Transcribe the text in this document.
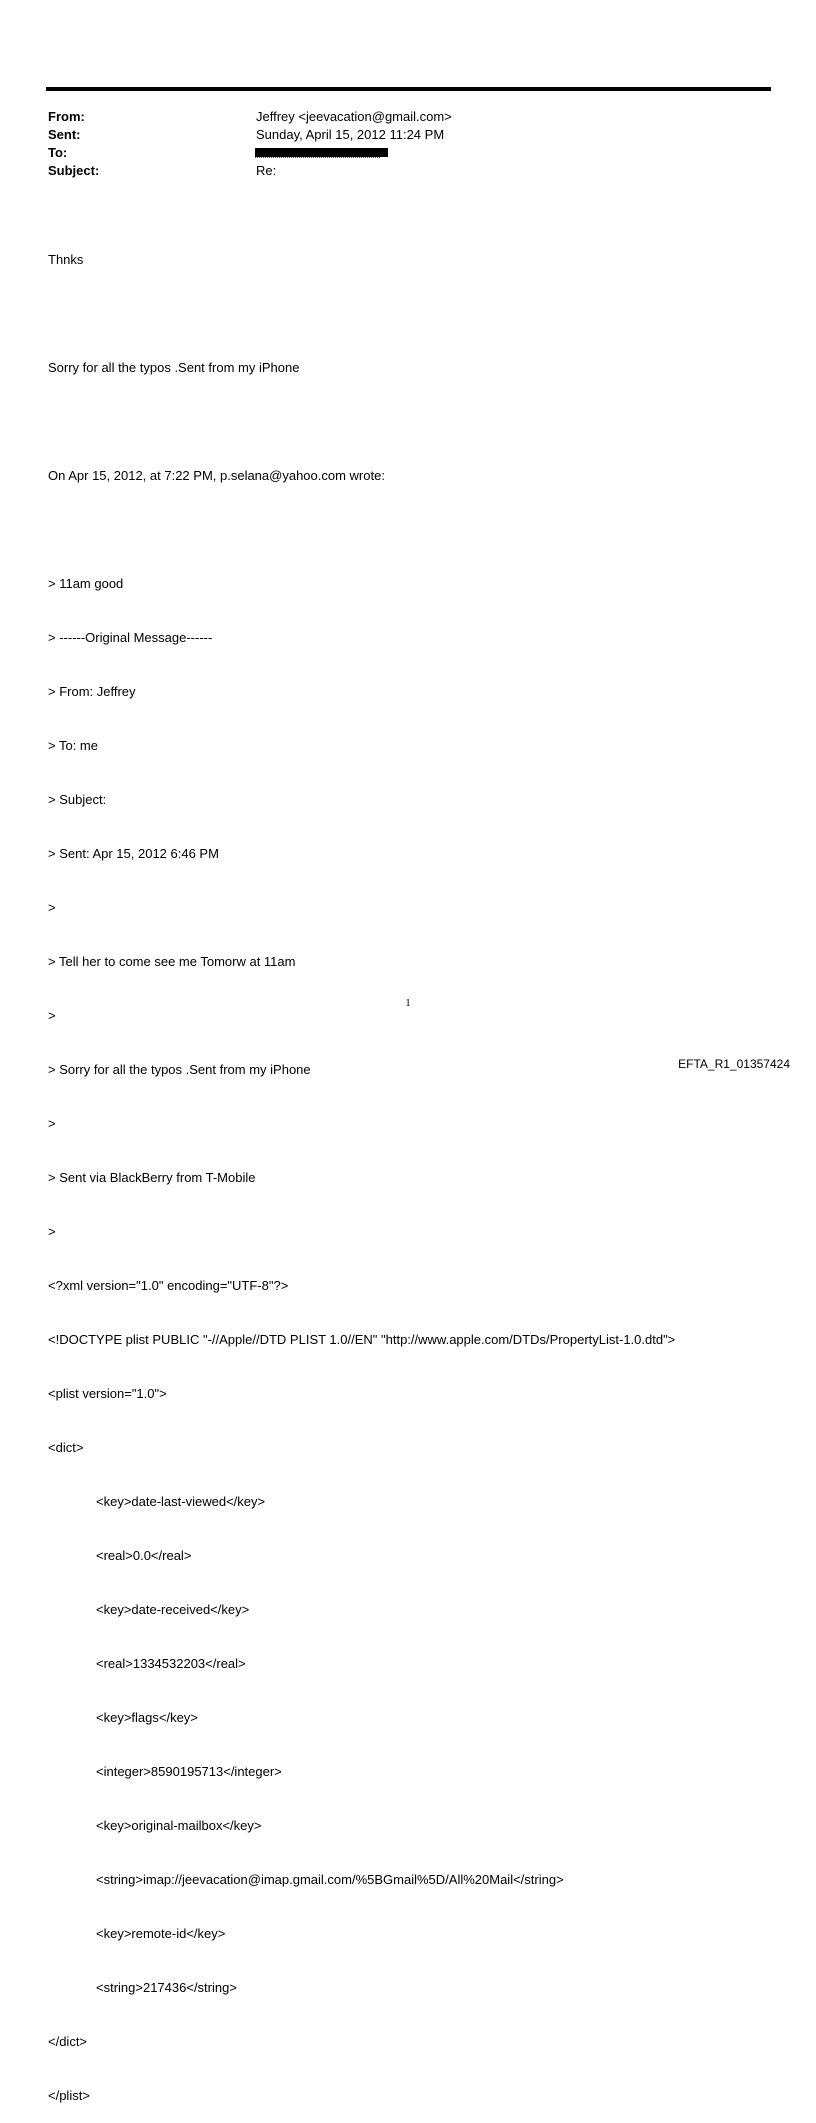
From:	Jeffrey <jeevacation@gmail.com>
Sent:	Sunday, April 15, 2012 11:24 PM
To:
Subject:	Re:

Thnks

Sorry for all the typos .Sent from my iPhone

On Apr 15, 2012, at 7:22 PM, p.selana@yahoo.com wrote:

> 11am good

> ------Original Message------

> From: Jeffrey

> To: me

> Subject:

> Sent: Apr 15, 2012 6:46 PM

>

> Tell her to come see me Tomorw at 11am

>

> Sorry for all the typos .Sent from my iPhone

>

> Sent via BlackBerry from T-Mobile

>

<?xml version="1.0" encoding="UTF-8"?>

<!DOCTYPE plist PUBLIC "-//Apple//DTD PLIST 1.0//EN" "http://www.apple.com/DTDs/PropertyList-1.0.dtd">

<plist version="1.0">

<dict>

<key>date-last-viewed</key>

<real>0.0</real>

<key>date-received</key>

<real>1334532203</real>

<key>flags</key>

<integer>8590195713</integer>

<key>original-mailbox</key>

<string>imap://jeevacation@imap.gmail.com/%5BGmail%5D/All%20Mail</string>

<key>remote-id</key>

<string>217436</string>

</dict>

</plist>

1
EFTA_R1_01357424
